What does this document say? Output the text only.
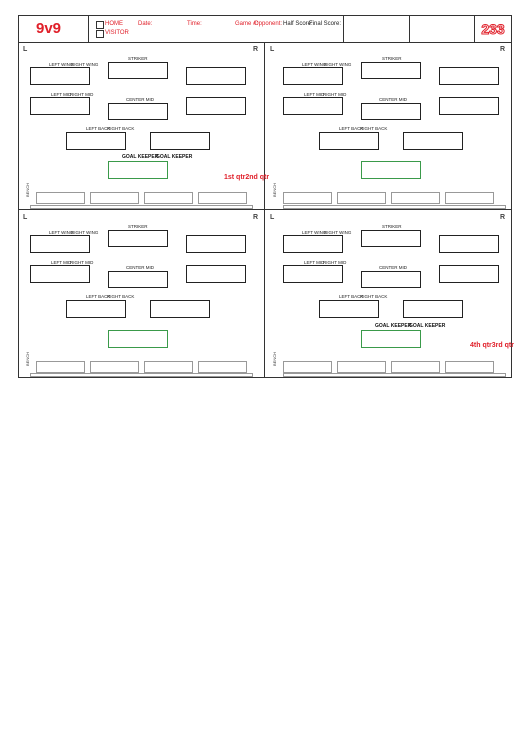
9v9	HOME
VISITOR
Date:	Time:	Game #:
Opponent: Half Score:
Final Score:	233
L	R
STRIKER
LEFT WING
RIGHT WING
LEFT MID
RIGHT MID
CENTER MID
LEFT BACK
RIGHT BACK
GOAL KEEPER
GOAL KEEPER
BENCH
L	R
STRIKER
LEFT WING
RIGHT WING
LEFT MID
RIGHT MID
CENTER MID
LEFT BACK
RIGHT BACK
BENCH
1st qtr2nd qtr
L	R
STRIKER
LEFT WING
RIGHT WING
LEFT MID
RIGHT MID
CENTER MID
LEFT BACK
RIGHT BACK
BENCH
L	R
STRIKER
LEFT WING
RIGHT WING
LEFT MID
RIGHT MID
CENTER MID
LEFT BACK
RIGHT BACK
GOAL KEEPER
GOAL KEEPER
BENCH
4th qtr3rd qtr
